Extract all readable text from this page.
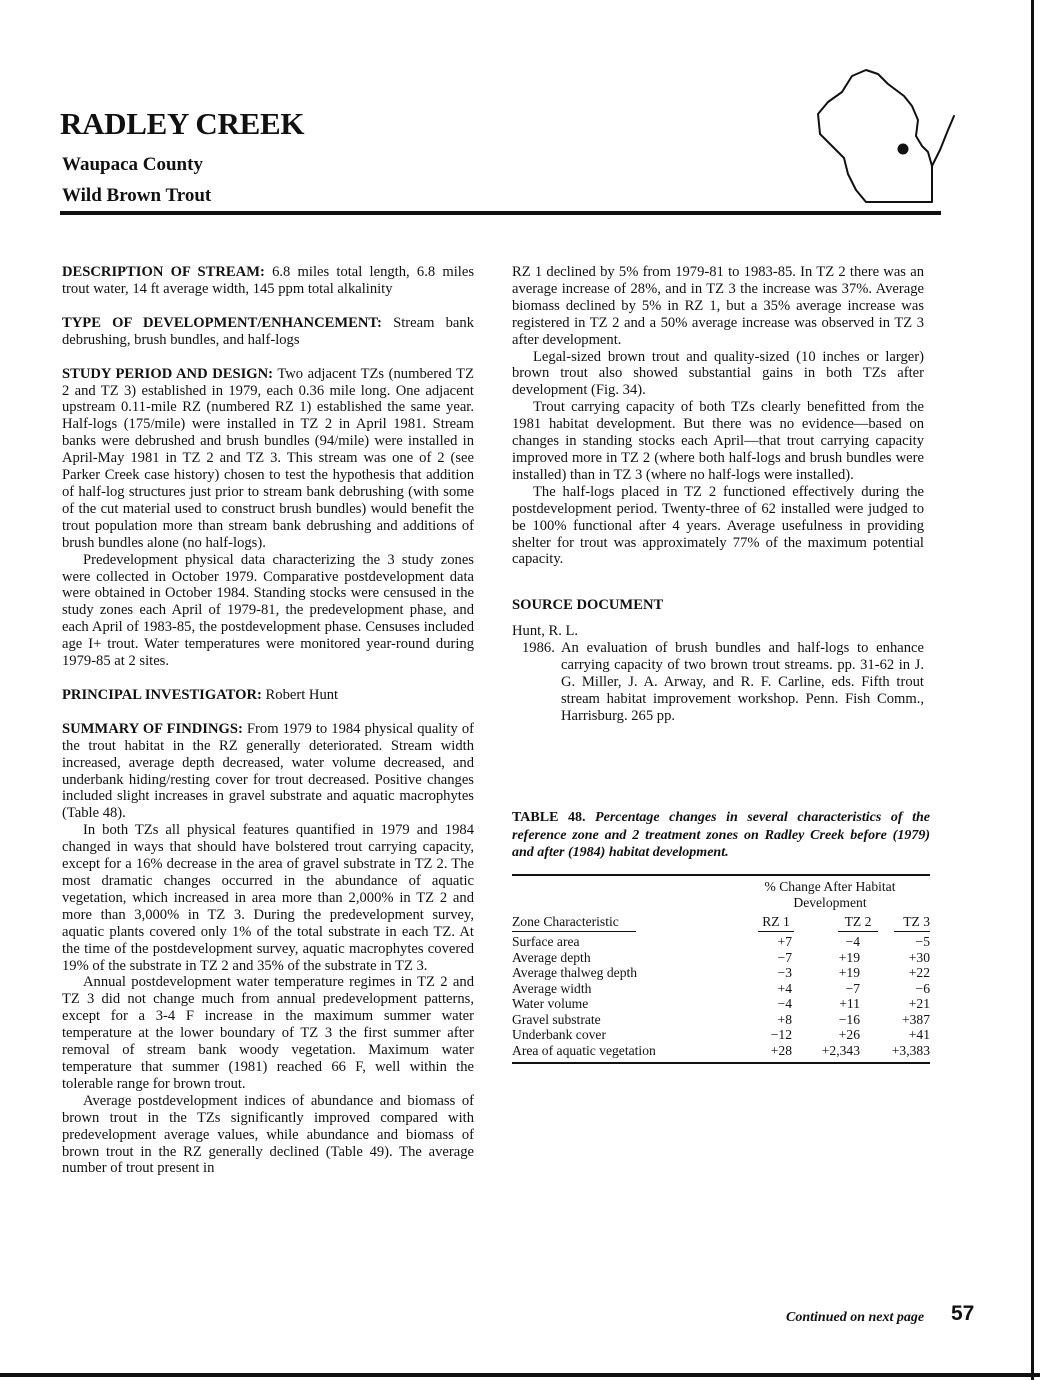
RADLEY CREEK
Waupaca County
Wild Brown Trout

DESCRIPTION OF STREAM: 6.8 miles total length, 6.8 miles trout water, 14 ft average width, 145 ppm total alkalinity

TYPE OF DEVELOPMENT/ENHANCEMENT: Stream bank debrushing, brush bundles, and half-logs

STUDY PERIOD AND DESIGN: Two adjacent TZs (numbered TZ 2 and TZ 3) established in 1979, each 0.36 mile long. One adjacent upstream 0.11-mile RZ (numbered RZ 1) established the same year. Half-logs (175/mile) were installed in TZ 2 in April 1981. Stream banks were debrushed and brush bundles (94/mile) were installed in April-May 1981 in TZ 2 and TZ 3. This stream was one of 2 (see Parker Creek case history) chosen to test the hypothesis that addition of half-log structures just prior to stream bank debrushing (with some of the cut material used to construct brush bundles) would benefit the trout population more than stream bank debrushing and additions of brush bundles alone (no half-logs).

Predevelopment physical data characterizing the 3 study zones were collected in October 1979. Comparative postdevelopment data were obtained in October 1984. Standing stocks were censused in the study zones each April of 1979-81, the predevelopment phase, and each April of 1983-85, the postdevelopment phase. Censuses included age I+ trout. Water temperatures were monitored year-round during 1979-85 at 2 sites.

PRINCIPAL INVESTIGATOR: Robert Hunt

SUMMARY OF FINDINGS: From 1979 to 1984 physical quality of the trout habitat in the RZ generally deteriorated. Stream width increased, average depth decreased, water volume decreased, and underbank hiding/resting cover for trout decreased. Positive changes included slight increases in gravel substrate and aquatic macrophytes (Table 48).

In both TZs all physical features quantified in 1979 and 1984 changed in ways that should have bolstered trout carrying capacity, except for a 16% decrease in the area of gravel substrate in TZ 2. The most dramatic changes occurred in the abundance of aquatic vegetation, which increased in area more than 2,000% in TZ 2 and more than 3,000% in TZ 3. During the predevelopment survey, aquatic plants covered only 1% of the total substrate in each TZ. At the time of the postdevelopment survey, aquatic macrophytes covered 19% of the substrate in TZ 2 and 35% of the substrate in TZ 3.

Annual postdevelopment water temperature regimes in TZ 2 and TZ 3 did not change much from annual predevelopment patterns, except for a 3-4 F increase in the maximum summer water temperature at the lower boundary of TZ 3 the first summer after removal of stream bank woody vegetation. Maximum water temperature that summer (1981) reached 66 F, well within the tolerable range for brown trout.

Average postdevelopment indices of abundance and biomass of brown trout in the TZs significantly improved compared with predevelopment average values, while abundance and biomass of brown trout in the RZ generally declined (Table 49). The average number of trout present in

RZ 1 declined by 5% from 1979-81 to 1983-85. In TZ 2 there was an average increase of 28%, and in TZ 3 the increase was 37%. Average biomass declined by 5% in RZ 1, but a 35% average increase was registered in TZ 2 and a 50% average increase was observed in TZ 3 after development.

Legal-sized brown trout and quality-sized (10 inches or larger) brown trout also showed substantial gains in both TZs after development (Fig. 34).

Trout carrying capacity of both TZs clearly benefitted from the 1981 habitat development. But there was no evidence—based on changes in standing stocks each April—that trout carrying capacity improved more in TZ 2 (where both half-logs and brush bundles were installed) than in TZ 3 (where no half-logs were installed).

The half-logs placed in TZ 2 functioned effectively during the postdevelopment period. Twenty-three of 62 installed were judged to be 100% functional after 4 years. Average usefulness in providing shelter for trout was approximately 77% of the maximum potential capacity.

SOURCE DOCUMENT

Hunt, R. L.

1986. An evaluation of brush bundles and half-logs to enhance carrying capacity of two brown trout streams. pp. 31-62 in J. G. Miller, J. A. Arway, and R. F. Carline, eds. Fifth trout stream habitat improvement workshop. Penn. Fish Comm., Harrisburg. 265 pp.

TABLE 48. Percentage changes in several characteristics of the reference zone and 2 treatment zones on Radley Creek before (1979) and after (1984) habitat development.
% Change After Habitat Development
Zone Characteristic	RZ 1	TZ 2	TZ 3
Surface area	+7	−4	−5
Average depth	−7	+19	+30
Average thalweg depth	−3	+19	+22
Average width	+4	−7	−6
Water volume	−4	+11	+21
Gravel substrate	+8	−16	+387
Underbank cover	−12	+26	+41
Area of aquatic vegetation	+28	+2,343	+3,383
Continued on next page 57
